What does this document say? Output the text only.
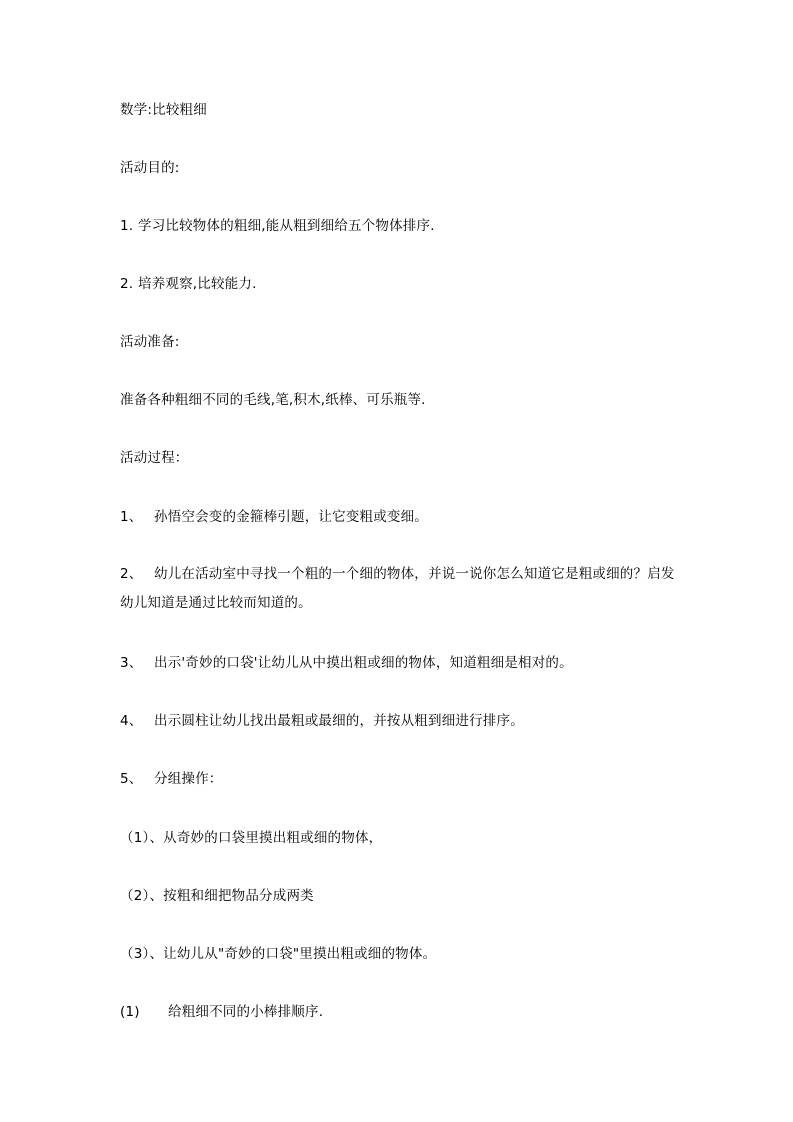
数学:比较粗细
活动目的:
1. 学习比较物体的粗细,能从粗到细给五个物体排序.
2. 培养观察,比较能力.
活动准备:
准备各种粗细不同的毛线,笔,积木,纸棒、可乐瓶等.
活动过程：
1、 孙悟空会变的金箍棒引题，让它变粗或变细。
2、 幼儿在活动室中寻找一个粗的一个细的物体，并说一说你怎么知道它是粗或细的？启发幼儿知道是通过比较而知道的。
3、 出示'奇妙的口袋'让幼儿从中摸出粗或细的物体，知道粗细是相对的。
4、 出示圆柱让幼儿找出最粗或最细的，并按从粗到细进行排序。
5、 分组操作：
（1）、从奇妙的口袋里摸出粗或细的物体，
（2）、按粗和细把物品分成两类
（3）、让幼儿从"奇妙的口袋"里摸出粗或细的物体。
(1) 给粗细不同的小棒排顺序.
